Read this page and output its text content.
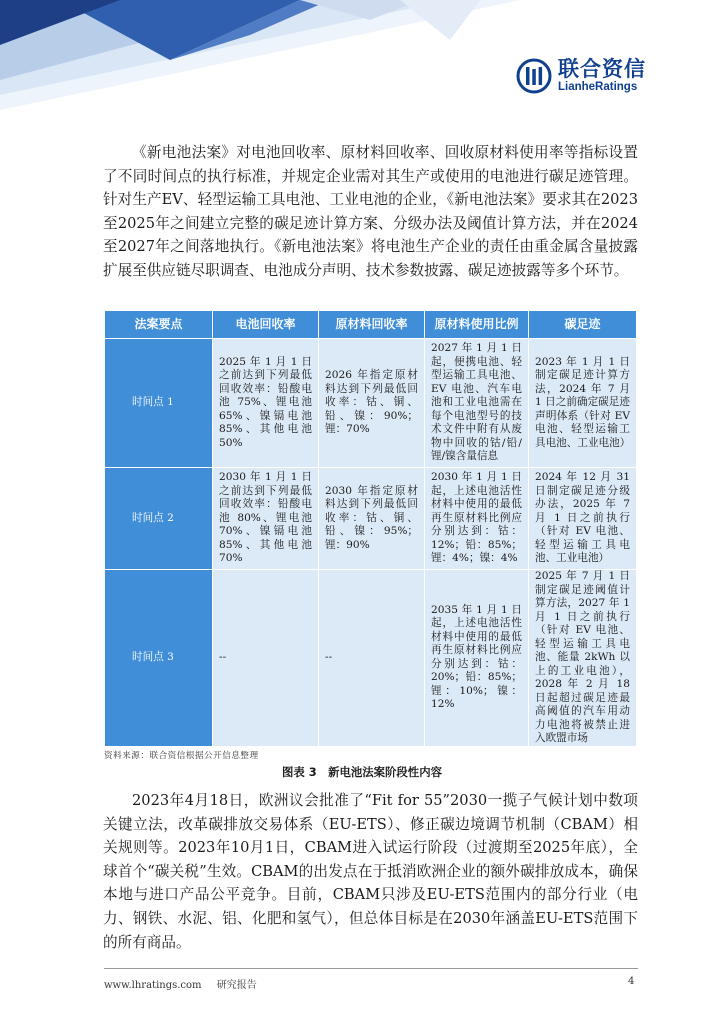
联合资信
LianheRatings

《新电池法案》对电池回收率、原材料回收率、回收原材料使用率等指标设置了不同时间点的执行标准，并规定企业需对其生产或使用的电池进行碳足迹管理。针对生产EV、轻型运输工具电池、工业电池的企业，《新电池法案》要求其在2023至2025年之间建立完整的碳足迹计算方案、分级办法及阈值计算方法，并在2024至2027年之间落地执行。《新电池法案》将电池生产企业的责任由重金属含量披露扩展至供应链尽职调查、电池成分声明、技术参数披露、碳足迹披露等多个环节。

法案要点	电池回收率	原材料回收率	原材料使用比例	碳足迹
时间点 1	2025 年 1 月 1 日之前达到下列最低回收效率：铅酸电池 75%、锂电池 65%、镍镉电池 85%、其他电池 50%	2026 年指定原材料达到下列最低回收率：钴、铜、铅、镍：90%；锂：70%	2027 年 1 月 1 日起，便携电池、轻型运输工具电池、EV 电池、汽车电池和工业电池需在每个电池型号的技术文件中附有从废物中回收的钴/铅/锂/镍含量信息	2023 年 1 月 1 日制定碳足迹计算方法，2024 年 7 月 1 日之前确定碳足迹声明体系（针对 EV 电池、轻型运输工具电池、工业电池）
时间点 2	2030 年 1 月 1 日之前达到下列最低回收效率：铅酸电池 80%、锂电池 70%、镍镉电池 85%、其他电池 70%	2030 年指定原材料达到下列最低回收率：钴、铜、铅、镍：95%；锂：90%	2030 年 1 月 1 日起，上述电池活性材料中使用的最低再生原材料比例应分别达到：钴：12%；铅：85%；锂：4%；镍：4%	2024 年 12 月 31 日制定碳足迹分级办法，2025 年 7 月 1 日之前执行（针对 EV 电池、轻型运输工具电池、工业电池）
时间点 3	--	--	2035 年 1 月 1 日起，上述电池活性材料中使用的最低再生原材料比例应分别达到：钴：20%；铅：85%；锂：10%；镍：12%	2025 年 7 月 1 日制定碳足迹阈值计算方法，2027 年 1 月 1 日之前执行（针对 EV 电池、轻型运输工具电池、能量 2kWh 以上的工业电池），2028 年 2 月 18 日起超过碳足迹最高阈值的汽车用动力电池将被禁止进入欧盟市场
资料来源：联合资信根据公开信息整理
图表 3　新电池法案阶段性内容

2023年4月18日，欧洲议会批准了“Fit for 55”2030一揽子气候计划中数项关键立法，改革碳排放交易体系（EU-ETS）、修正碳边境调节机制（CBAM）相关规则等。2023年10月1日，CBAM进入试运行阶段（过渡期至2025年底），全球首个“碳关税”生效。CBAM的出发点在于抵消欧洲企业的额外碳排放成本，确保本地与进口产品公平竞争。目前，CBAM只涉及EU-ETS范围内的部分行业（电力、钢铁、水泥、铝、化肥和氢气），但总体目标是在2030年涵盖EU-ETS范围下的所有商品。

www.lhratings.com 研究报告	4
